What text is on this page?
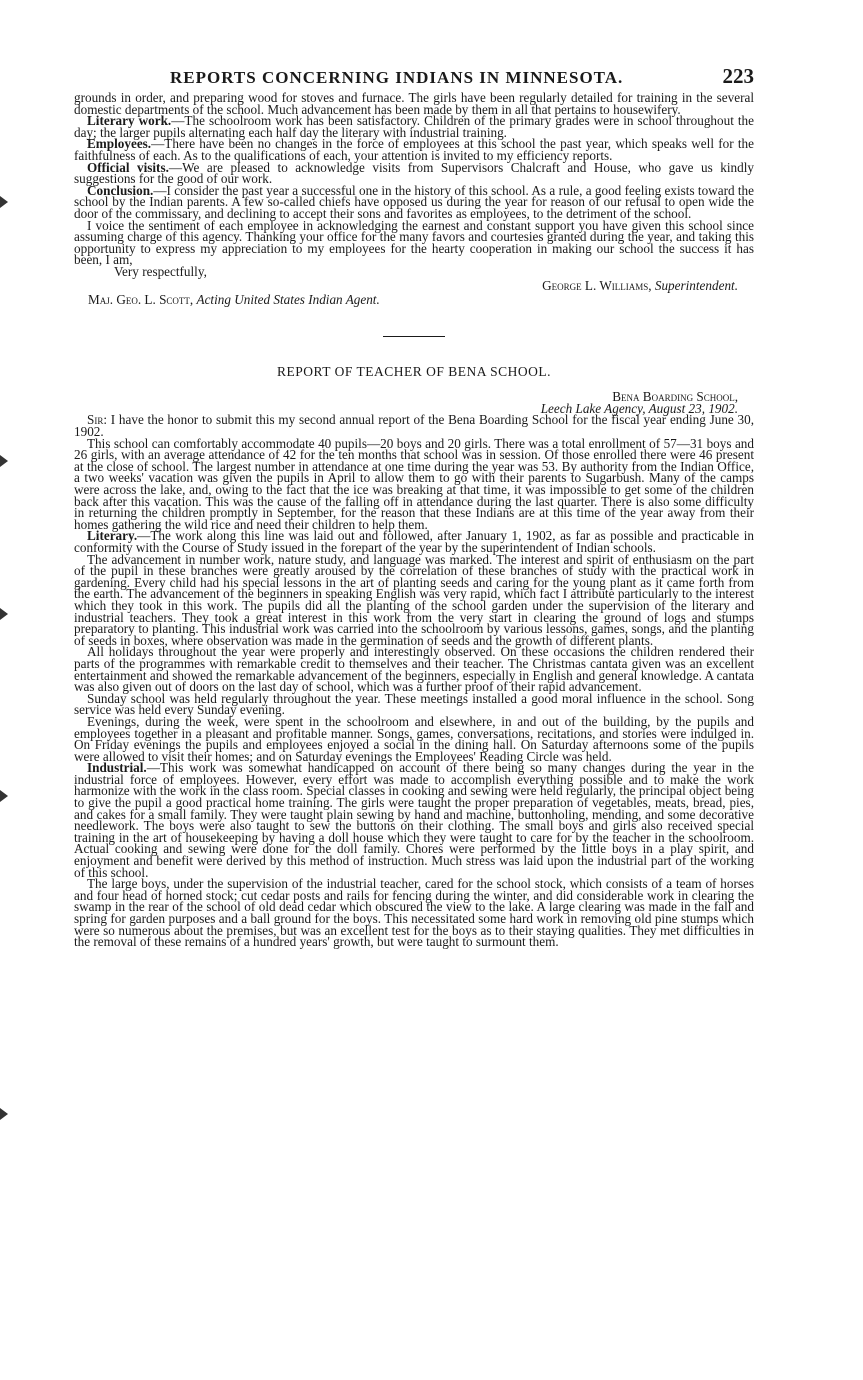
REPORTS CONCERNING INDIANS IN MINNESOTA.	223

grounds in order, and preparing wood for stoves and furnace. The girls have been regularly detailed for training in the several domestic departments of the school. Much advancement has been made by them in all that pertains to housewifery.

Literary work.—The schoolroom work has been satisfactory. Children of the primary grades were in school throughout the day; the larger pupils alternating each half day the literary with industrial training.

Employees.—There have been no changes in the force of employees at this school the past year, which speaks well for the faithfulness of each. As to the qualifications of each, your attention is invited to my efficiency reports.

Official visits.—We are pleased to acknowledge visits from Supervisors Chalcraft and House, who gave us kindly suggestions for the good of our work.

Conclusion.—I consider the past year a successful one in the history of this school. As a rule, a good feeling exists toward the school by the Indian parents. A few so-called chiefs have opposed us during the year for reason of our refusal to open wide the door of the commissary, and declining to accept their sons and favorites as employees, to the detriment of the school.

I voice the sentiment of each employee in acknowledging the earnest and constant support you have given this school since assuming charge of this agency. Thanking your office for the many favors and courtesies granted during the year, and taking this opportunity to express my appreciation to my employees for the hearty cooperation in making our school the success it has been, I am,

Very respectfully,

George L. Williams, Superintendent.

Maj. Geo. L. Scott, Acting United States Indian Agent.

REPORT OF TEACHER OF BENA SCHOOL.

Bena Boarding School,

Leech Lake Agency, August 23, 1902.

Sir: I have the honor to submit this my second annual report of the Bena Boarding School for the fiscal year ending June 30, 1902.

This school can comfortably accommodate 40 pupils—20 boys and 20 girls. There was a total enrollment of 57—31 boys and 26 girls, with an average attendance of 42 for the ten months that school was in session. Of those enrolled there were 46 present at the close of school. The largest number in attendance at one time during the year was 53. By authority from the Indian Office, a two weeks' vacation was given the pupils in April to allow them to go with their parents to Sugarbush. Many of the camps were across the lake, and, owing to the fact that the ice was breaking at that time, it was impossible to get some of the children back after this vacation. This was the cause of the falling off in attendance during the last quarter. There is also some difficulty in returning the children promptly in September, for the reason that these Indians are at this time of the year away from their homes gathering the wild rice and need their children to help them.

Literary.—The work along this line was laid out and followed, after January 1, 1902, as far as possible and practicable in conformity with the Course of Study issued in the forepart of the year by the superintendent of Indian schools.

The advancement in number work, nature study, and language was marked. The interest and spirit of enthusiasm on the part of the pupil in these branches were greatly aroused by the correlation of these branches of study with the practical work in gardening. Every child had his special lessons in the art of planting seeds and caring for the young plant as it came forth from the earth. The advancement of the beginners in speaking English was very rapid, which fact I attribute particularly to the interest which they took in this work. The pupils did all the planting of the school garden under the supervision of the literary and industrial teachers. They took a great interest in this work from the very start in clearing the ground of logs and stumps preparatory to planting. This industrial work was carried into the schoolroom by various lessons, games, songs, and the planting of seeds in boxes, where observation was made in the germination of seeds and the growth of different plants.

All holidays throughout the year were properly and interestingly observed. On these occasions the children rendered their parts of the programmes with remarkable credit to themselves and their teacher. The Christmas cantata given was an excellent entertainment and showed the remarkable advancement of the beginners, especially in English and general knowledge. A cantata was also given out of doors on the last day of school, which was a further proof of their rapid advancement.

Sunday school was held regularly throughout the year. These meetings installed a good moral influence in the school. Song service was held every Sunday evening.

Evenings, during the week, were spent in the schoolroom and elsewhere, in and out of the building, by the pupils and employees together in a pleasant and profitable manner. Songs, games, conversations, recitations, and stories were indulged in. On Friday evenings the pupils and employees enjoyed a social in the dining hall. On Saturday afternoons some of the pupils were allowed to visit their homes; and on Saturday evenings the Employees' Reading Circle was held.

Industrial.—This work was somewhat handicapped on account of there being so many changes during the year in the industrial force of employees. However, every effort was made to accomplish everything possible and to make the work harmonize with the work in the class room. Special classes in cooking and sewing were held regularly, the principal object being to give the pupil a good practical home training. The girls were taught the proper preparation of vegetables, meats, bread, pies, and cakes for a small family. They were taught plain sewing by hand and machine, buttonholing, mending, and some decorative needlework. The boys were also taught to sew the buttons on their clothing. The small boys and girls also received special training in the art of housekeeping by having a doll house which they were taught to care for by the teacher in the schoolroom. Actual cooking and sewing were done for the doll family. Chores were performed by the little boys in a play spirit, and enjoyment and benefit were derived by this method of instruction. Much stress was laid upon the industrial part of the working of this school.

The large boys, under the supervision of the industrial teacher, cared for the school stock, which consists of a team of horses and four head of horned stock; cut cedar posts and rails for fencing during the winter, and did considerable work in clearing the swamp in the rear of the school of old dead cedar which obscured the view to the lake. A large clearing was made in the fall and spring for garden purposes and a ball ground for the boys. This necessitated some hard work in removing old pine stumps which were so numerous about the premises, but was an excellent test for the boys as to their staying qualities. They met difficulties in the removal of these remains of a hundred years' growth, but were taught to surmount them.
